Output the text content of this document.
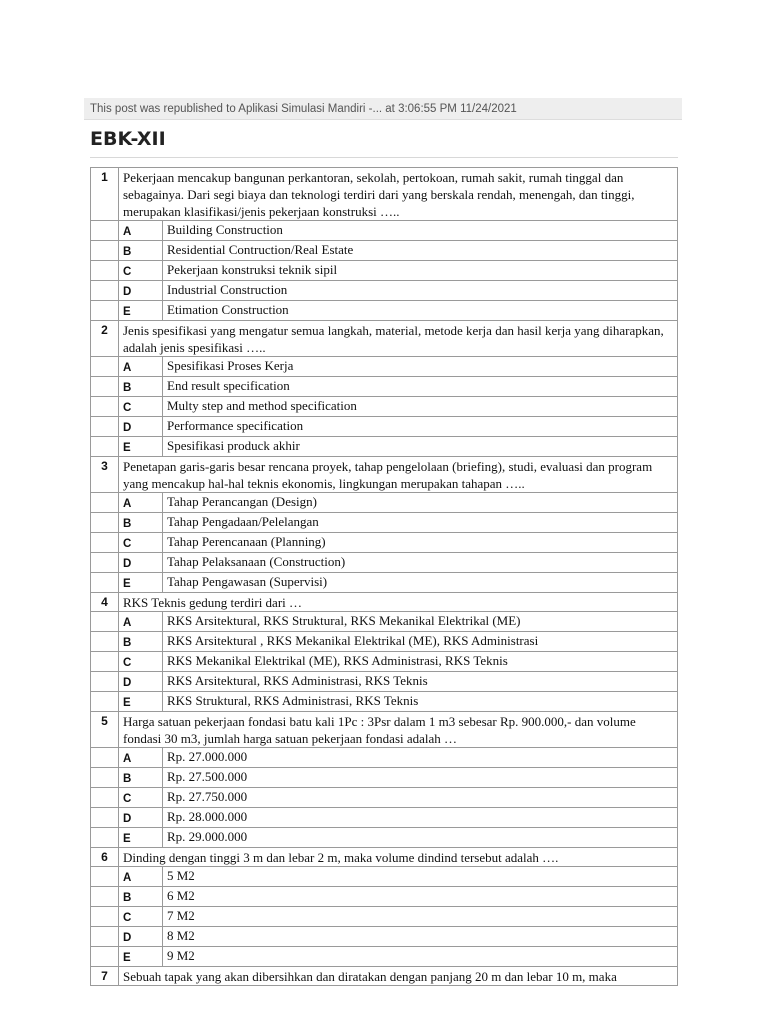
This post was republished to Aplikasi Simulasi Mandiri -... at 3:06:55 PM 11/24/2021
EBK-XII
1	Pekerjaan mencakup bangunan perkantoran, sekolah, pertokoan, rumah sakit, rumah tinggal dan sebagainya. Dari segi biaya dan teknologi terdiri dari yang berskala rendah, menengah, dan tinggi, merupakan klasifikasi/jenis pekerjaan konstruksi …..	
	A	Building Construction
	B	Residential Contruction/Real Estate
	C	Pekerjaan konstruksi teknik sipil
	D	Industrial Construction
	E	Etimation Construction
2	Jenis spesifikasi yang mengatur semua langkah, material, metode kerja dan hasil kerja yang diharapkan, adalah jenis spesifikasi …..	
	A	Spesifikasi Proses Kerja
	B	End result specification
	C	Multy step and method specification
	D	Performance specification
	E	Spesifikasi produck akhir
3	Penetapan garis-garis besar rencana proyek, tahap pengelolaan (briefing), studi, evaluasi dan program yang mencakup hal-hal teknis ekonomis, lingkungan merupakan tahapan …..	
	A	Tahap Perancangan (Design)
	B	Tahap Pengadaan/Pelelangan
	C	Tahap Perencanaan (Planning)
	D	Tahap Pelaksanaan (Construction)
	E	Tahap Pengawasan (Supervisi)
4	RKS Teknis gedung terdiri dari …	
	A	RKS Arsitektural, RKS Struktural, RKS Mekanikal Elektrikal (ME)
	B	RKS Arsitektural , RKS Mekanikal Elektrikal (ME), RKS Administrasi
	C	RKS Mekanikal Elektrikal (ME), RKS Administrasi, RKS Teknis
	D	RKS Arsitektural, RKS Administrasi, RKS Teknis
	E	RKS Struktural, RKS Administrasi, RKS Teknis
5	Harga satuan pekerjaan fondasi batu kali 1Pc : 3Psr dalam 1 m3 sebesar Rp. 900.000,- dan volume fondasi 30 m3, jumlah harga satuan pekerjaan fondasi adalah …	
	A	Rp. 27.000.000
	B	Rp. 27.500.000
	C	Rp. 27.750.000
	D	Rp. 28.000.000
	E	Rp. 29.000.000
6	Dinding dengan tinggi 3 m dan lebar 2 m, maka volume dindind tersebut adalah ….	
	A	5 M2
	B	6 M2
	C	7 M2
	D	8 M2
	E	9 M2
7	Sebuah tapak yang akan dibersihkan dan diratakan dengan panjang 20 m dan lebar 10 m, maka	
